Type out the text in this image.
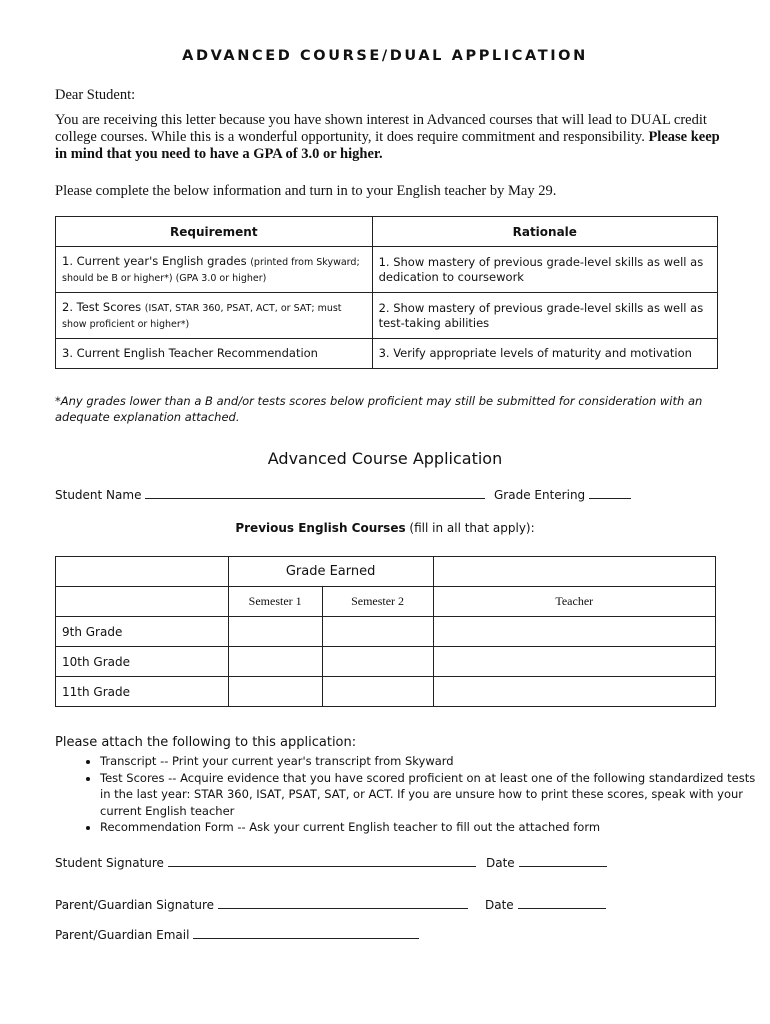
ADVANCED COURSE/DUAL APPLICATION
Dear Student:
You are receiving this letter because you have shown interest in Advanced courses that will lead to DUAL credit college courses. While this is a wonderful opportunity, it does require commitment and responsibility. Please keep in mind that you need to have a GPA of 3.0 or higher.
Please complete the below information and turn in to your English teacher by May 29.
Requirement	Rationale
1. Current year's English grades (printed from Skyward; should be B or higher*) (GPA 3.0 or higher)	1. Show mastery of previous grade-level skills as well as dedication to coursework
2. Test Scores (ISAT, STAR 360, PSAT, ACT, or SAT; must show proficient or higher*)	2. Show mastery of previous grade-level skills as well as test-taking abilities
3. Current English Teacher Recommendation	3. Verify appropriate levels of maturity and motivation
*Any grades lower than a B and/or tests scores below proficient may still be submitted for consideration with an adequate explanation attached.
Advanced Course Application
Student Name	Grade Entering
Previous English Courses (fill in all that apply):
	Grade Earned		
	Semester 1	Semester 2	Teacher
9th Grade			
10th Grade			
11th Grade			
Please attach the following to this application:
• Transcript -- Print your current year's transcript from Skyward
• Test Scores -- Acquire evidence that you have scored proficient on at least one of the following standardized tests in the last year: STAR 360, ISAT, PSAT, SAT, or ACT. If you are unsure how to print these scores, speak with your current English teacher
• Recommendation Form -- Ask your current English teacher to fill out the attached form
Student Signature	Date
Parent/Guardian Signature	Date
Parent/Guardian Email
